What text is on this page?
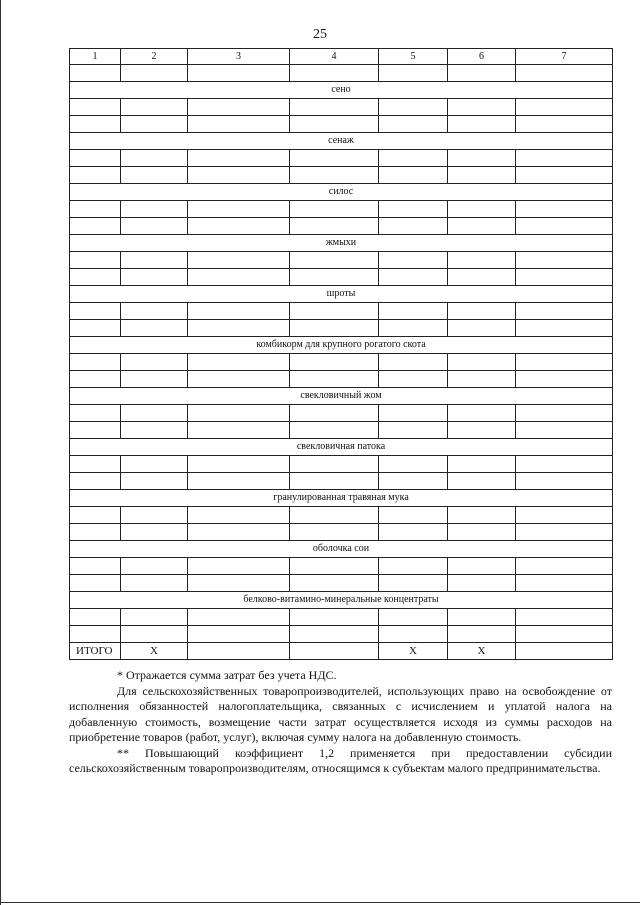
25
1	2	3	4	5	6	7

сено						

сенаж						

силос						

жмыхи						

шроты						

комбикорм для крупного рогатого скота						

свекловичный жом						

свекловичная патока						

гранулированная травяная мука						

оболочка сои						

белково-витамино-минеральные концентраты						

ИТОГО	Х			Х	Х	

* Отражается сумма затрат без учета НДС.

Для сельскохозяйственных товаропроизводителей, использующих право на освобождение от исполнения обязанностей налогоплательщика, связанных с исчислением и уплатой налога на добавленную стоимость, возмещение части затрат осуществляется исходя из суммы расходов на приобретение товаров (работ, услуг), включая сумму налога на добавленную стоимость.

** Повышающий коэффициент 1,2 применяется при предоставлении субсидии сельскохозяйственным товаропроизводителям, относящимся к субъектам малого предпринимательства.
